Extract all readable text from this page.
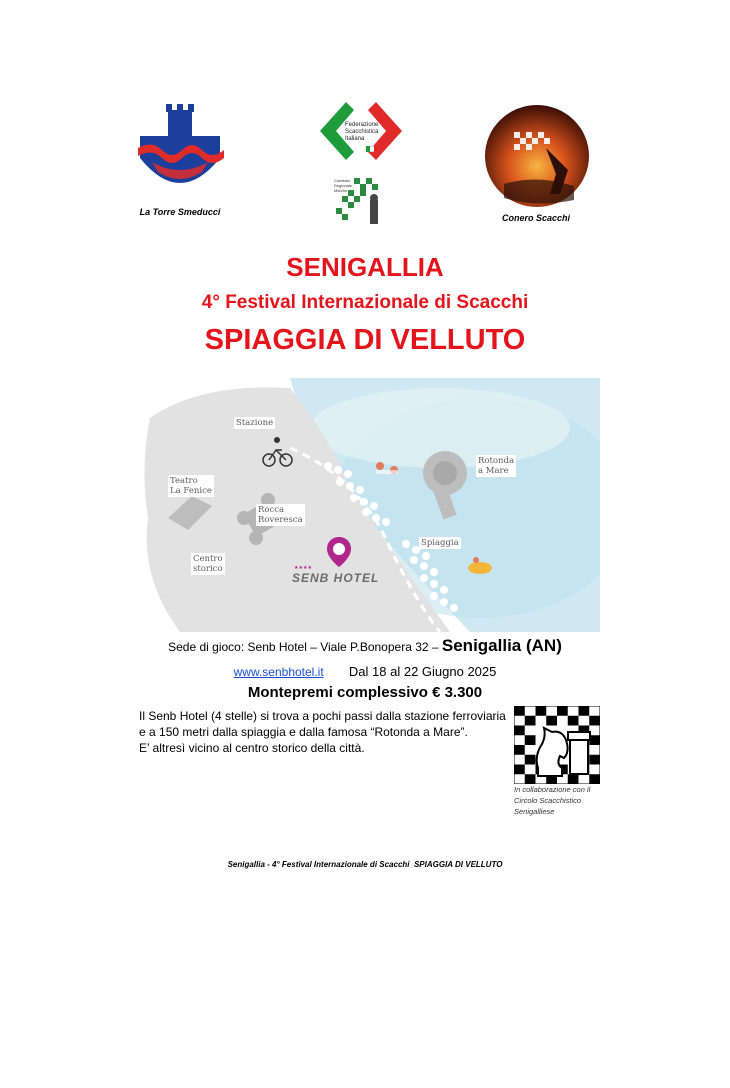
La Torre Smeducci
Federazione Scacchistica Italiana
Comitato Regionale Marche
Conero Scacchi
SENIGALLIA
4° Festival Internazionale di Scacchi
SPIAGGIA DI VELLUTO
Stazione
Teatro
La Fenice
Rocca
Roveresca
Centro
storico
Rotonda
a Mare
Spiaggia
★★★★
SENB HOTEL
Sede di gioco: Senb Hotel – Viale P.Bonopera 32 – Senigallia (AN)
www.senbhotel.it Dal 18 al 22 Giugno 2025
Montepremi complessivo € 3.300
Il Senb Hotel (4 stelle) si trova a pochi passi dalla stazione ferroviaria e a 150 metri dalla spiaggia e dalla famosa “Rotonda a Mare”.
E’ altresì vicino al centro storico della città.
In collaborazione con il
Circolo Scacchistico
Senigalliese
Senigallia - 4° Festival Internazionale di Scacchi SPIAGGIA DI VELLUTO
